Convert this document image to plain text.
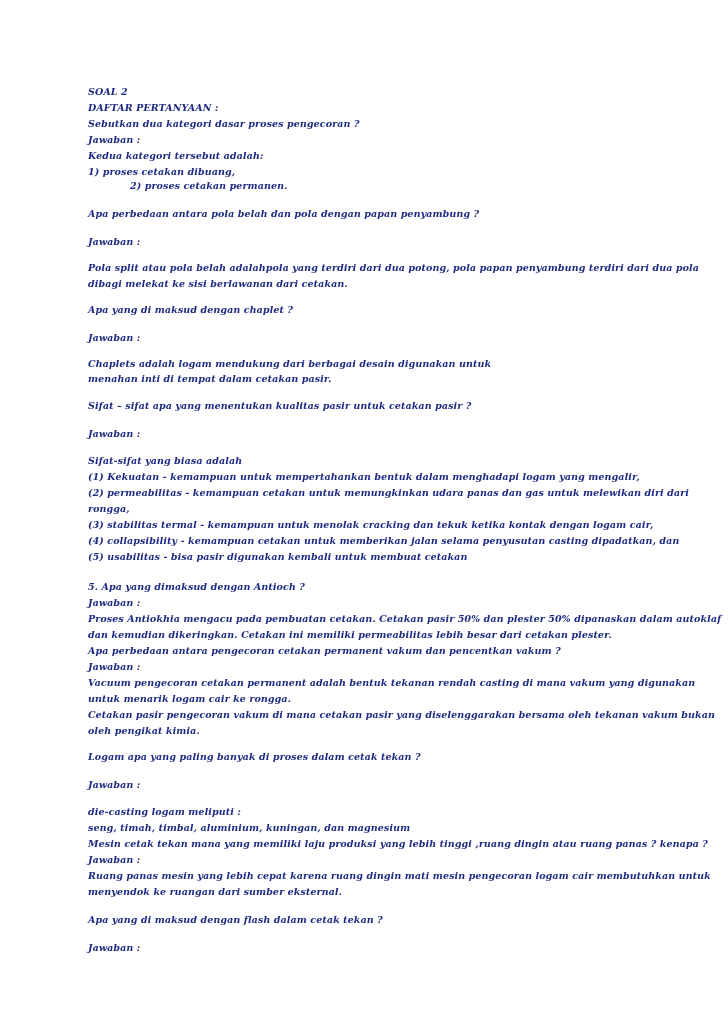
SOAL 2
DAFTAR PERTANYAAN :
Sebutkan dua kategori dasar proses pengecoran ?
Jawaban :
Kedua kategori tersebut adalah:
1) proses cetakan dibuang,
2) proses cetakan permanen.
Apa perbedaan antara pola belah dan pola dengan papan penyambung ?
Jawaban :
Pola split atau pola belah adalahpola yang terdiri dari dua potong, pola papan penyambung terdiri dari dua pola
dibagi melekat ke sisi berlawanan dari cetakan.
Apa yang di maksud dengan chaplet ?
Jawaban :
Chaplets adalah logam mendukung dari berbagai desain digunakan untuk
menahan inti di tempat dalam cetakan pasir.
Sifat – sifat apa yang menentukan kualitas pasir untuk cetakan pasir ?
Jawaban :
Sifat-sifat yang biasa adalah
(1) Kekuatan - kemampuan untuk mempertahankan bentuk dalam menghadapi logam yang mengalir,
(2) permeabilitas - kemampuan cetakan untuk memungkinkan udara panas dan gas untuk melewikan diri dari
rongga,
(3) stabilitas termal - kemampuan untuk menolak cracking dan tekuk ketika kontak dengan logam cair,
(4) collapsibility - kemampuan cetakan untuk memberikan jalan selama penyusutan casting dipadatkan, dan
(5) usabilitas - bisa pasir digunakan kembali untuk membuat cetakan
5. Apa yang dimaksud dengan Antioch ?
Jawaban :
Proses Antiokhia mengacu pada pembuatan cetakan. Cetakan pasir 50% dan plester 50% dipanaskan dalam autoklaf
dan kemudian dikeringkan. Cetakan ini memiliki permeabilitas lebih besar dari cetakan plester.
Apa perbedaan antara pengecoran cetakan permanent vakum dan pencentkan vakum ?
Jawaban :
Vacuum pengecoran cetakan permanent adalah bentuk tekanan rendah casting di mana vakum yang digunakan
untuk menarik logam cair ke rongga.
Cetakan pasir pengecoran vakum di mana cetakan pasir yang diselenggarakan bersama oleh tekanan vakum bukan
oleh pengikat kimia.
Logam apa yang paling banyak di proses dalam cetak tekan ?
Jawaban :
die-casting logam meliputi :
seng, timah, timbal, aluminium, kuningan, dan magnesium
Mesin cetak tekan mana yang memiliki laju produksi yang lebih tinggi ,ruang dingin atau ruang panas ? kenapa ?
Jawaban :
Ruang panas mesin yang lebih cepat karena ruang dingin mati mesin pengecoran logam cair membutuhkan untuk
menyendok ke ruangan dari sumber eksternal.
Apa yang di maksud dengan flash dalam cetak tekan ?
Jawaban :
